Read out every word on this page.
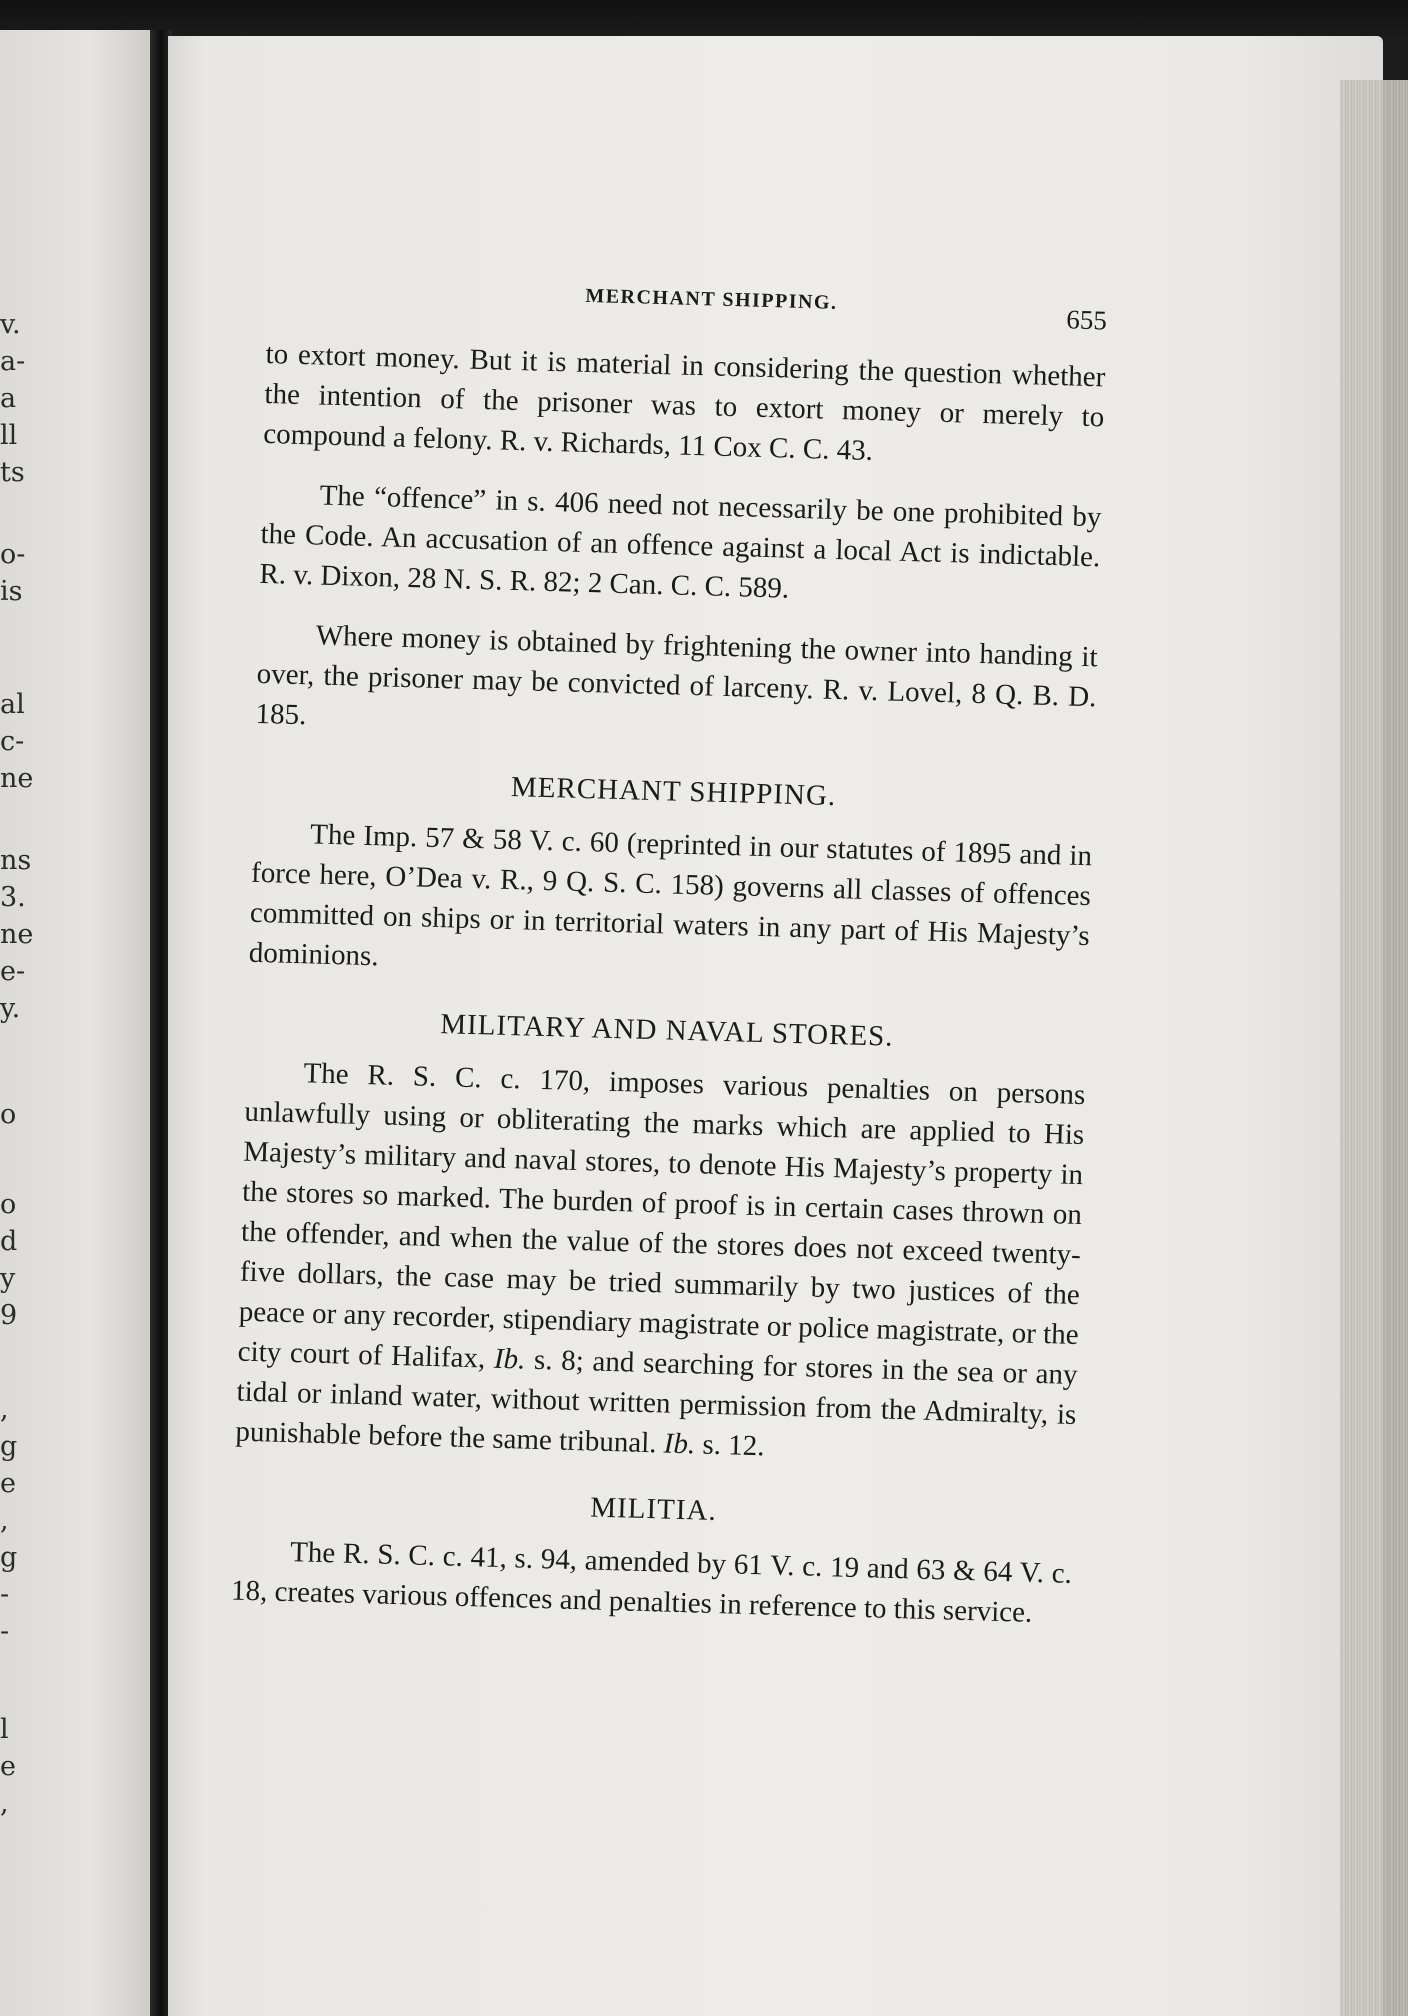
v.
a-
a
ll
ts
o-
is
al
c-
ne
ns
3.
ne
e-
y.
o
o
d
y
9
,
g
e
,
g
-
-
l
e
,
MERCHANT SHIPPING.
655

to extort money. But it is material in considering the question whether the intention of the prisoner was to extort money or merely to compound a felony. R. v. Richards, 11 Cox C. C. 43.

The “offence” in s. 406 need not necessarily be one prohibited by the Code. An accusation of an offence against a local Act is indictable. R. v. Dixon, 28 N. S. R. 82; 2 Can. C. C. 589.

Where money is obtained by frightening the owner into handing it over, the prisoner may be convicted of larceny. R. v. Lovel, 8 Q. B. D. 185.

MERCHANT SHIPPING.

The Imp. 57 & 58 V. c. 60 (reprinted in our statutes of 1895 and in force here, O’Dea v. R., 9 Q. S. C. 158) governs all classes of offences committed on ships or in territorial waters in any part of His Majesty’s dominions.

MILITARY AND NAVAL STORES.

The R. S. C. c. 170, imposes various penalties on persons unlawfully using or obliterating the marks which are applied to His Majesty’s military and naval stores, to denote His Majesty’s property in the stores so marked. The burden of proof is in certain cases thrown on the offender, and when the value of the stores does not exceed twenty-five dollars, the case may be tried summarily by two justices of the peace or any recorder, stipendiary magistrate or police magistrate, or the city court of Halifax, Ib. s. 8; and searching for stores in the sea or any tidal or inland water, without written permission from the Admiralty, is punishable before the same tribunal. Ib. s. 12.

MILITIA.

The R. S. C. c. 41, s. 94, amended by 61 V. c. 19 and 63 & 64 V. c. 18, creates various offences and penalties in reference to this service.
